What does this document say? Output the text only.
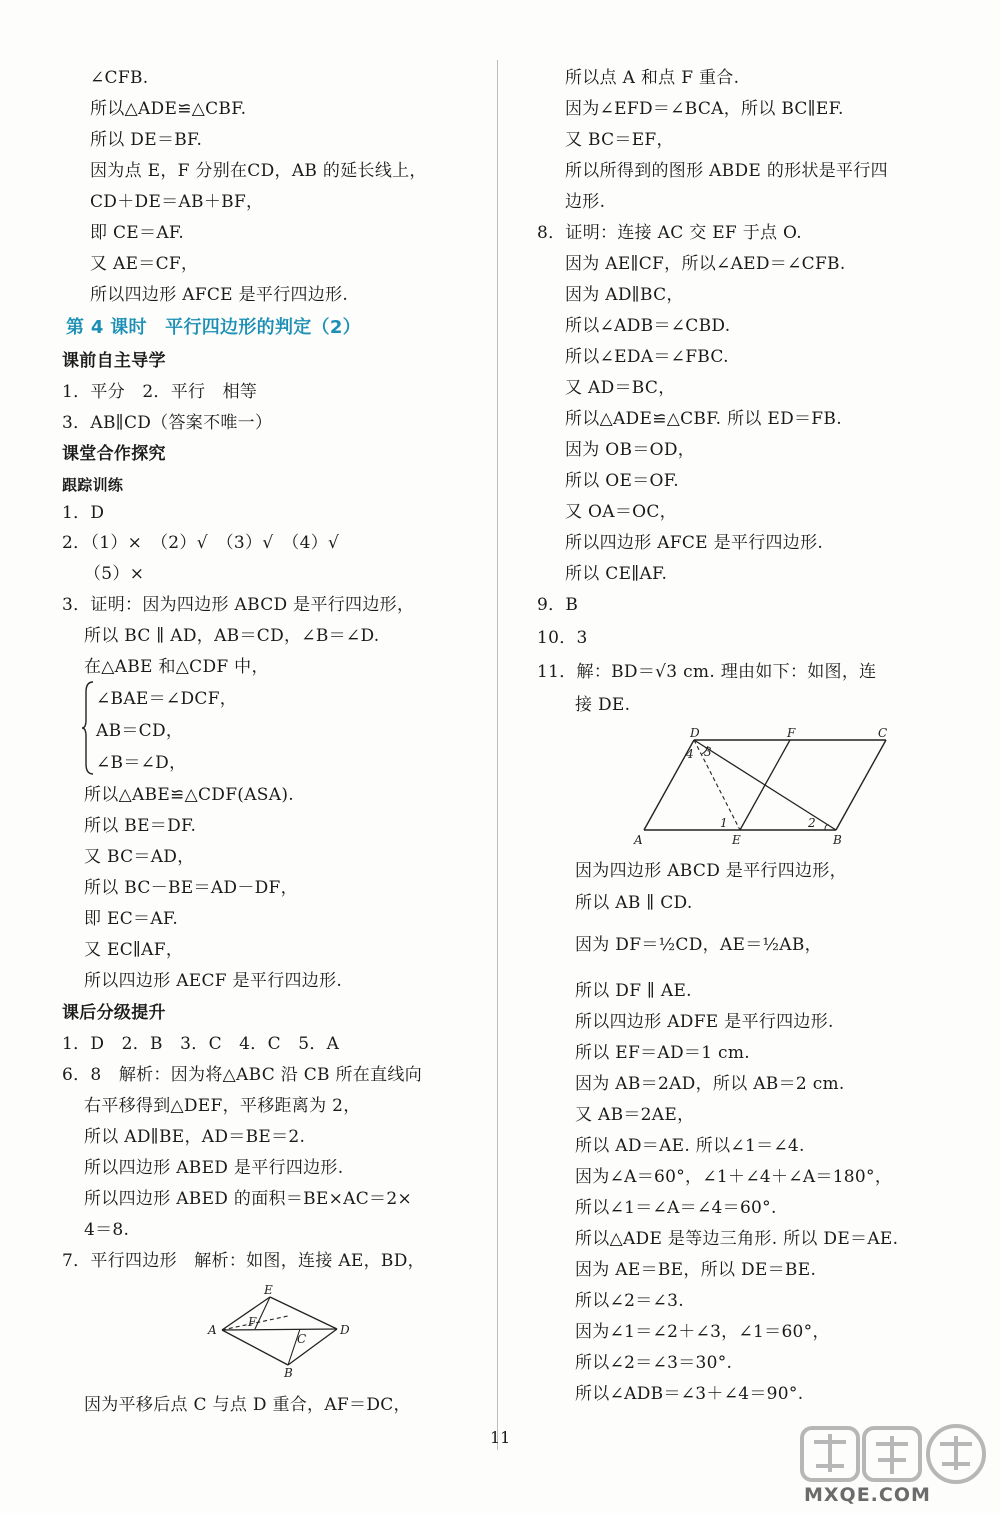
∠CFB.
所以△ADE≌△CBF.
所以 DE＝BF.
因为点 E，F 分别在CD，AB 的延长线上，
CD＋DE＝AB＋BF，
即 CE＝AF.
又 AE＝CF，
所以四边形 AFCE 是平行四边形.
第 4 课时　平行四边形的判定（2）
课前自主导学
1．平分　2．平行　相等
3．AB∥CD（答案不唯一）
课堂合作探究
跟踪训练
1．D
2．（1）×　（2）√　（3）√　（4）√
（5）×
3．证明：因为四边形 ABCD 是平行四边形，
所以 BC ∥ AD，AB＝CD，∠B＝∠D.
在△ABE 和△CDF 中，
∠BAE＝∠DCF，
AB＝CD，
∠B＝∠D，
所以△ABE≌△CDF(ASA).
所以 BE＝DF.
又 BC＝AD，
所以 BC－BE＝AD－DF，
即 EC＝AF.
又 EC∥AF，
所以四边形 AECF 是平行四边形.
课后分级提升
1．D　2．B　3．C　4．C　5．A
6．8　解析：因为将△ABC 沿 CB 所在直线向
右平移得到△DEF，平移距离为 2，
所以 AD∥BE，AD＝BE＝2.
所以四边形 ABED 是平行四边形.
所以四边形 ABED 的面积＝BE×AC＝2×
4＝8.
7．平行四边形　解析：如图，连接 AE，BD，
因为平移后点 C 与点 D 重合，AF＝DC，
E
A
F
C
D
B
所以点 A 和点 F 重合.
因为∠EFD＝∠BCA，所以 BC∥EF.
又 BC＝EF，
所以所得到的图形 ABDE 的形状是平行四
边形.
8．证明：连接 AC 交 EF 于点 O.
因为 AE∥CF，所以∠AED＝∠CFB.
因为 AD∥BC，
所以∠ADB＝∠CBD.
所以∠EDA＝∠FBC.
又 AD＝BC，
所以△ADE≌△CBF. 所以 ED＝FB.
因为 OB＝OD，
所以 OE＝OF.
又 OA＝OC，
所以四边形 AFCE 是平行四边形.
所以 CE∥AF.
9．B
10．3
11．解：BD＝√3 cm. 理由如下：如图，连
接 DE.
因为四边形 ABCD 是平行四边形，
所以 AB ∥ CD.
因为 DF＝½CD，AE＝½AB，
所以 DF ∥ AE.
所以四边形 ADFE 是平行四边形.
所以 EF＝AD＝1 cm.
因为 AB＝2AD，所以 AB＝2 cm.
又 AB＝2AE，
所以 AD＝AE. 所以∠1＝∠4.
因为∠A＝60°，∠1＋∠4＋∠A＝180°，
所以∠1＝∠A＝∠4＝60°.
所以△ADE 是等边三角形. 所以 DE＝AE.
因为 AE＝BE，所以 DE＝BE.
所以∠2＝∠3.
因为∠1＝∠2＋∠3，∠1＝60°，
所以∠2＝∠3＝30°.
所以∠ADB＝∠3＋∠4＝90°.
D	F	C
4 3
1	2
A	E	B
11
MXQE.COM
